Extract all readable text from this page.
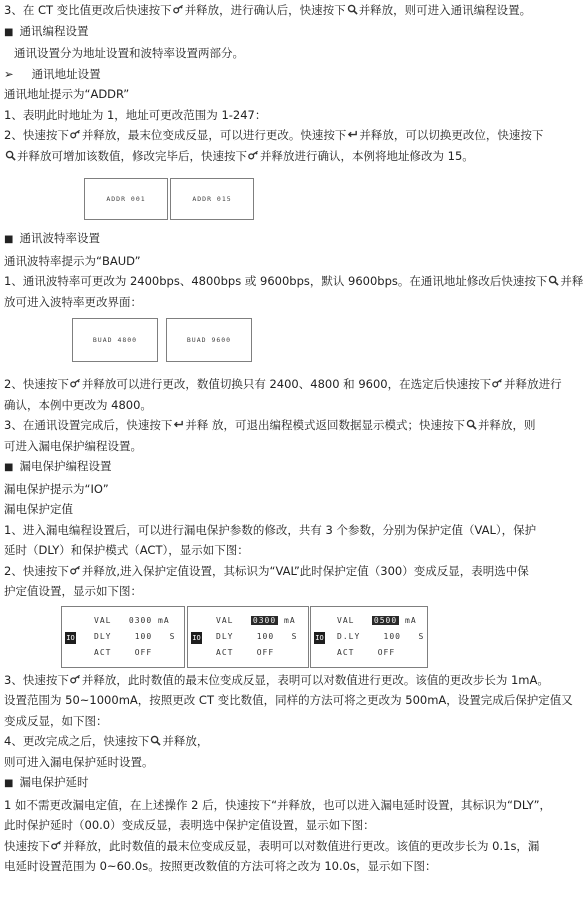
3、在 CT 变比值更改后快速按下 并释放，进行确认后，快速按下 并释放，则可进入通讯编程设置。

■ 通讯编程设置

通讯设置分为地址设置和波特率设置两部分。

➢ 通讯地址设置

通讯地址提示为“ADDR”

1、表明此时地址为 1，地址可更改范围为 1-247：

2、快速按下 并释放，最末位变成反显，可以进行更改。快速按下 并释放，可以切换更改位，快速按下

并释放可增加该数值，修改完毕后，快速按下 并释放进行确认，本例将地址修改为 15。

ADDR 001	ADDR 015

■ 通讯波特率设置

通讯波特率提示为“BAUD”

1、通讯波特率可更改为 2400bps、4800bps 或 9600bps，默认 9600bps。在通讯地址修改后快速按下 并释

放可进入波特率更改界面：

BUAD 4800	BUAD 9600

2、快速按下 并释放可以进行更改，数值切换只有 2400、4800 和 9600，在选定后快速按下 并释放进行

确认，本例中更改为 4800。

3、在通讯设置完成后，快速按下 并释 放，可退出编程模式返回数据显示模式；快速按下 并释放，则

可进入漏电保护编程设置。

■ 漏电保护编程设置

漏电保护提示为“IO”

漏电保护定值

1、进入漏电编程设置后，可以进行漏电保护参数的修改，共有 3 个参数，分别为保护定值（VAL），保护

延时（DLY）和保护模式（ACT），显示如下图：

2、快速按下 并释放,进入保护定值设置，其标识为“VAL”此时保护定值（300）变成反显，表明选中保

护定值设置，显示如下图：

IO
VAL 0300 mA
DLY	100 S
ACT	OFF
IO
VAL 0300 mA
DLY	100 S
ACT	OFF
IO
VAL 0500 mA
D.LY	100 S
ACT	OFF

3、快速按下 并释放，此时数值的最末位变成反显，表明可以对数值进行更改。该值的更改步长为 1mA。

设置范围为 50~1000mA，按照更改 CT 变比数值，同样的方法可将之更改为 500mA，设置完成后保护定值又

变成反显，如下图：

4、更改完成之后，快速按下 并释放，

则可进入漏电保护延时设置。

■ 漏电保护延时

1 如不需更改漏电定值，在上述操作 2 后，快速按下“并释放，也可以进入漏电延时设置，其标识为“DLY”，

此时保护延时（00.0）变成反显，表明选中保护定值设置，显示如下图：

快速按下 并释放，此时数值的最末位变成反显，表明可以对数值进行更改。该值的更改步长为 0.1s，漏

电延时设置范围为 0~60.0s。按照更改数值的方法可将之改为 10.0s，显示如下图：
